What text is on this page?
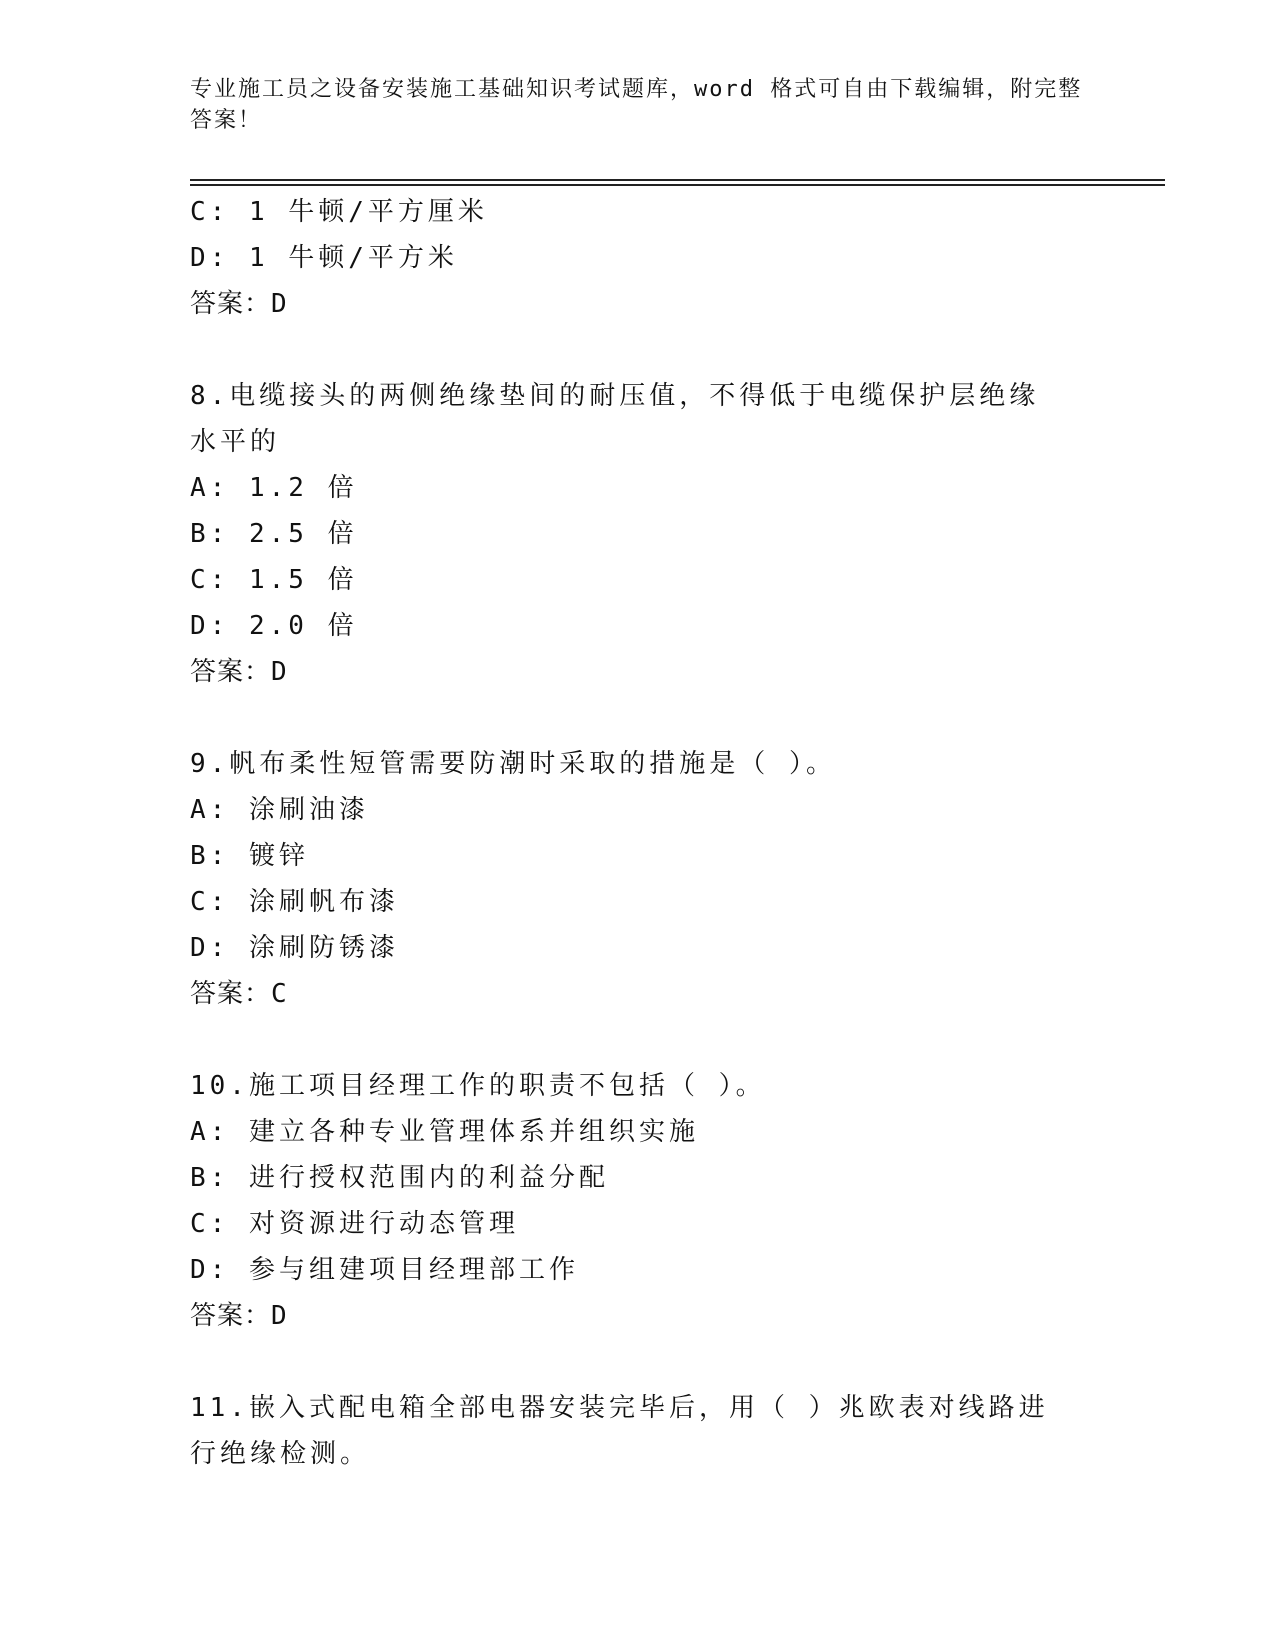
专业施工员之设备安装施工基础知识考试题库，word 格式可自由下载编辑，附完整答案！
C: 1 牛顿/平方厘米
D: 1 牛顿/平方米
答案：D
8.电缆接头的两侧绝缘垫间的耐压值，不得低于电缆保护层绝缘水平的
A: 1.2 倍
B: 2.5 倍
C: 1.5 倍
D: 2.0 倍
答案：D
9.帆布柔性短管需要防潮时采取的措施是（ ）。
A: 涂刷油漆
B: 镀锌
C: 涂刷帆布漆
D: 涂刷防锈漆
答案：C
10.施工项目经理工作的职责不包括（ ）。
A: 建立各种专业管理体系并组织实施
B: 进行授权范围内的利益分配
C: 对资源进行动态管理
D: 参与组建项目经理部工作
答案：D
11.嵌入式配电箱全部电器安装完毕后，用（ ）兆欧表对线路进行绝缘检测。
